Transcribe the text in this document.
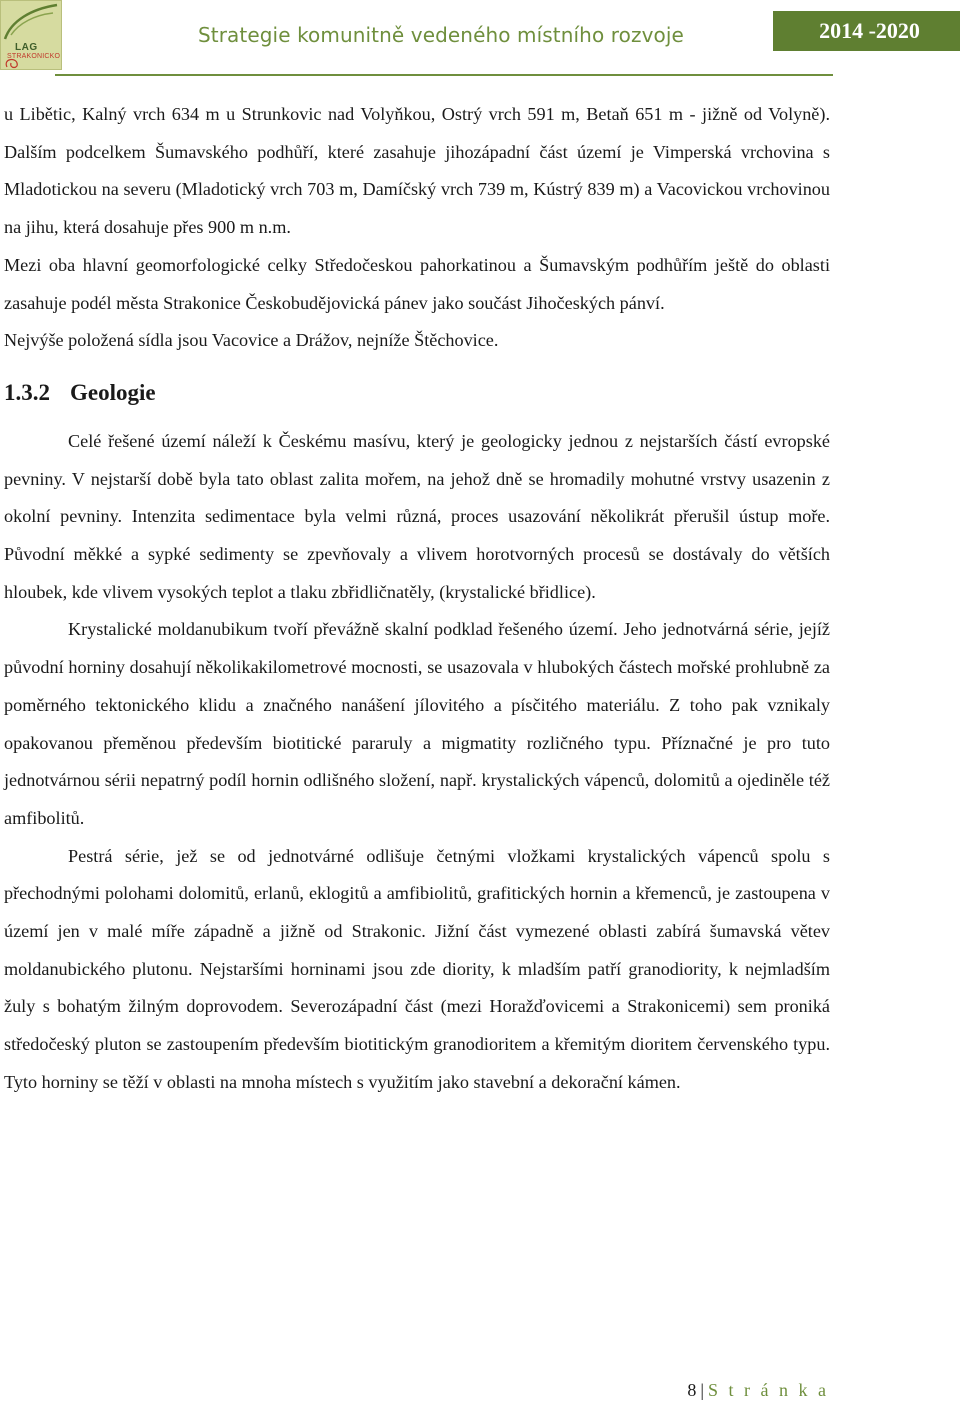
LAG
STRAKONICKO
Strategie komunitně vedeného místního rozvoje	2014 -2020

u Libětic, Kalný vrch 634 m u Strunkovic nad Volyňkou, Ostrý vrch 591 m, Betaň 651 m - jižně od Volyně). Dalším podcelkem Šumavského podhůří, které zasahuje jihozápadní část území je Vimperská vrchovina s Mladotickou na severu (Mladotický vrch 703 m, Damíčský vrch 739 m, Kústrý 839 m) a Vacovickou vrchovinou na jihu, která dosahuje přes 900 m n.m.

Mezi oba hlavní geomorfologické celky Středočeskou pahorkatinou a Šumavským podhůřím ještě do oblasti zasahuje podél města Strakonice Českobudějovická pánev jako součást Jihočeských pánví.

Nejvýše položená sídla jsou Vacovice a Drážov, nejníže Štěchovice.

1.3.2 Geologie

Celé řešené území náleží k Českému masívu, který je geologicky jednou z nejstarších částí evropské pevniny. V nejstarší době byla tato oblast zalita mořem, na jehož dně se hromadily mohutné vrstvy usazenin z okolní pevniny. Intenzita sedimentace byla velmi různá, proces usazování několikrát přerušil ústup moře. Původní měkké a sypké sedimenty se zpevňovaly a vlivem horotvorných procesů se dostávaly do větších hloubek, kde vlivem vysokých teplot a tlaku zbřidličnatěly, (krystalické břidlice).

Krystalické moldanubikum tvoří převážně skalní podklad řešeného území. Jeho jednotvárná série, jejíž původní horniny dosahují několikakilometrové mocnosti, se usazovala v hlubokých částech mořské prohlubně za poměrného tektonického klidu a značného nanášení jílovitého a písčitého materiálu. Z toho pak vznikaly opakovanou přeměnou především biotitické pararuly a migmatity rozličného typu. Příznačné je pro tuto jednotvárnou sérii nepatrný podíl hornin odlišného složení, např. krystalických vápenců, dolomitů a ojediněle též amfibolitů.

Pestrá série, jež se od jednotvárné odlišuje četnými vložkami krystalických vápenců spolu s přechodnými polohami dolomitů, erlanů, eklogitů a amfibiolitů, grafitických hornin a křemenců, je zastoupena v území jen v malé míře západně a jižně od Strakonic. Jižní část vymezené oblasti zabírá šumavská větev moldanubického plutonu. Nejstaršími horninami jsou zde diority, k mladším patří granodiority, k nejmladším žuly s bohatým žilným doprovodem. Severozápadní část (mezi Horažďovicemi a Strakonicemi) sem proniká středočeský pluton se zastoupením především biotitickým granodioritem a křemitým dioritem červenského typu. Tyto horniny se těží v oblasti na mnoha místech s využitím jako stavební a dekorační kámen.

8 | S t r á n k a
